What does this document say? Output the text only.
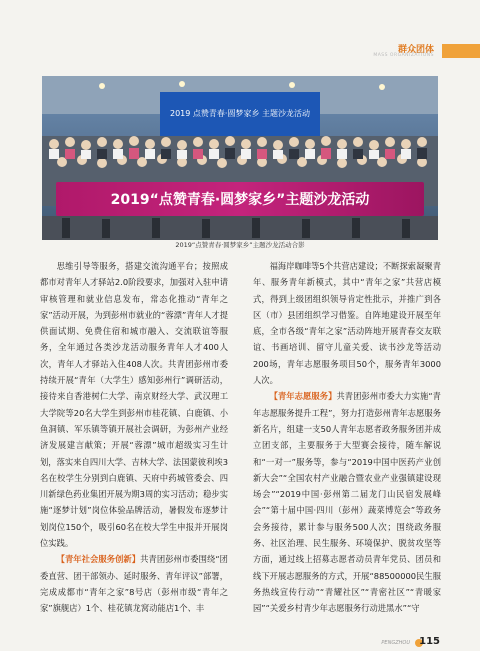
群众团体
MASS ORGANIZATIONS
2019 点赞青春·圆梦家乡 主题沙龙活动
2019“点赞青春·圆梦家乡”主题沙龙活动
2019“点赞青春·圆梦家乡”主题沙龙活动合影

思维引导等服务，搭建交流沟通平台；按照成都市对青年人才驿站2.0阶段要求，加强对入驻申请审核管理和就业信息发布，常态化推动“青年之家”活动开展，为到彭州市就业的“蓉漂”青年人才提供面试期、免费住宿和城市融入、交流联谊等服务，全年通过各类沙龙活动服务青年人才400人次，青年人才驿站入住408人次。共青团彭州市委持续开展“青年（大学生）感知彭州行”调研活动，接待来自香港树仁大学、南京财经大学、武汉理工大学院等20名大学生到彭州市桂花镇、白鹿镇、小鱼洞镇、军乐镇等镇开展社会调研，为彭州产业经济发展建言献策；开展“蓉漂”城市超级实习生计划，落实来自四川大学、吉林大学、法国蒙彼利埃3名在校学生分别到白鹿镇、天府中药城管委会、四川新绿色药业集团开展为期3周的实习活动；稳步实施“逐梦计划”岗位体验品牌活动，暑假发布逐梦计划岗位150个，吸引60名在校大学生申报并开展岗位实践。

【青年社会服务创新】共青团彭州市委围绕“团委直营、团干部领办、延时服务、青年评议”部署，完成成都市“青年之家”8号店（彭州市级“青年之家”旗舰店）1个、桂花镇龙窝动能店1个、丰

福海岸咖啡等5个共营店建设；不断探索凝聚青年、服务青年新模式，其中“青年之家”共营店模式，得到上级团组织领导肯定性批示，并推广到各区（市）县团组织学习借鉴。自阵地建设开展至年底，全市各级“青年之家”活动阵地开展青春交友联谊、书画培训、留守儿童关爱、读书沙龙等活动200场，青年志愿服务项目50个，服务青年3000人次。

【青年志愿服务】共青团彭州市委大力实施“青年志愿服务提升工程”，努力打造彭州青年志愿服务新名片，组建一支50人青年志愿者政务服务团并成立团支部，主要服务于大型赛会接待，随车解说和“一对一”服务等，参与“2019中国中医药产业创新大会”“全国农村产业融合暨农业产业强镇建设现场会”“2019中国·彭州第二届龙门山民宿发展峰会”“第十届中国·四川（彭州）蔬菜博览会”等政务会务接待，累计参与服务500人次；围绕政务服务、社区治理、民生服务、环境保护、脱贫攻坚等方面，通过线上招募志愿者动员青年党员、团员和线下开展志愿服务的方式，开展“88500000民生服务热线宣传行动”“青耀社区”“青密社区”“青暖家园”“关爱乡村青少年志愿服务行动进黑水”“守

PENGZHOU 115
